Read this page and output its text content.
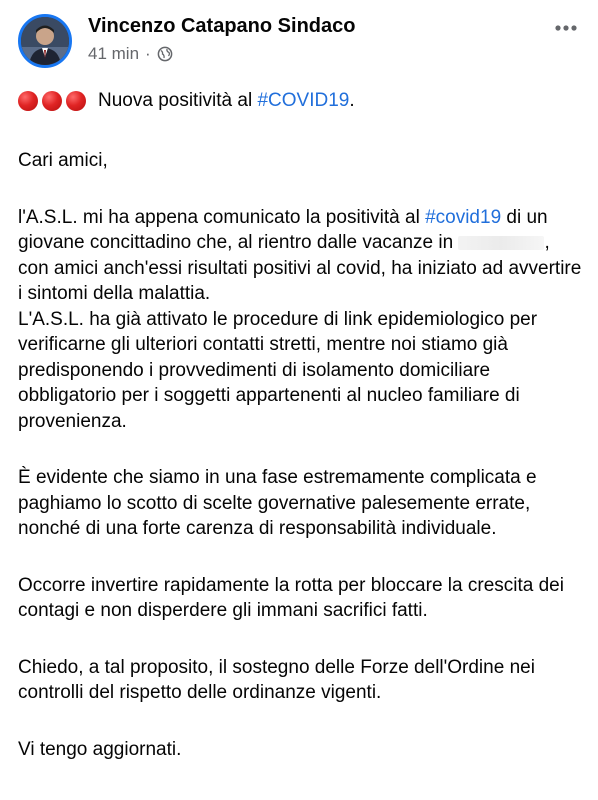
Vincenzo Catapano Sindaco
41 min ·
Nuova positività al #COVID19.

Cari amici,

l'A.S.L. mi ha appena comunicato la positività al #covid19 di un giovane concittadino che, al rientro dalle vacanze in	, con amici anch'essi risultati positivi al covid, ha iniziato ad avvertire i sintomi della malattia.

L'A.S.L. ha già attivato le procedure di link epidemiologico per verificarne gli ulteriori contatti stretti, mentre noi stiamo già predisponendo i provvedimenti di isolamento domiciliare obbligatorio per i soggetti appartenenti al nucleo familiare di provenienza.

È evidente che siamo in una fase estremamente complicata e paghiamo lo scotto di scelte governative palesemente errate, nonché di una forte carenza di responsabilità individuale.

Occorre invertire rapidamente la rotta per bloccare la crescita dei contagi e non disperdere gli immani sacrifici fatti.

Chiedo, a tal proposito, il sostegno delle Forze dell'Ordine nei controlli del rispetto delle ordinanze vigenti.

Vi tengo aggiornati.
